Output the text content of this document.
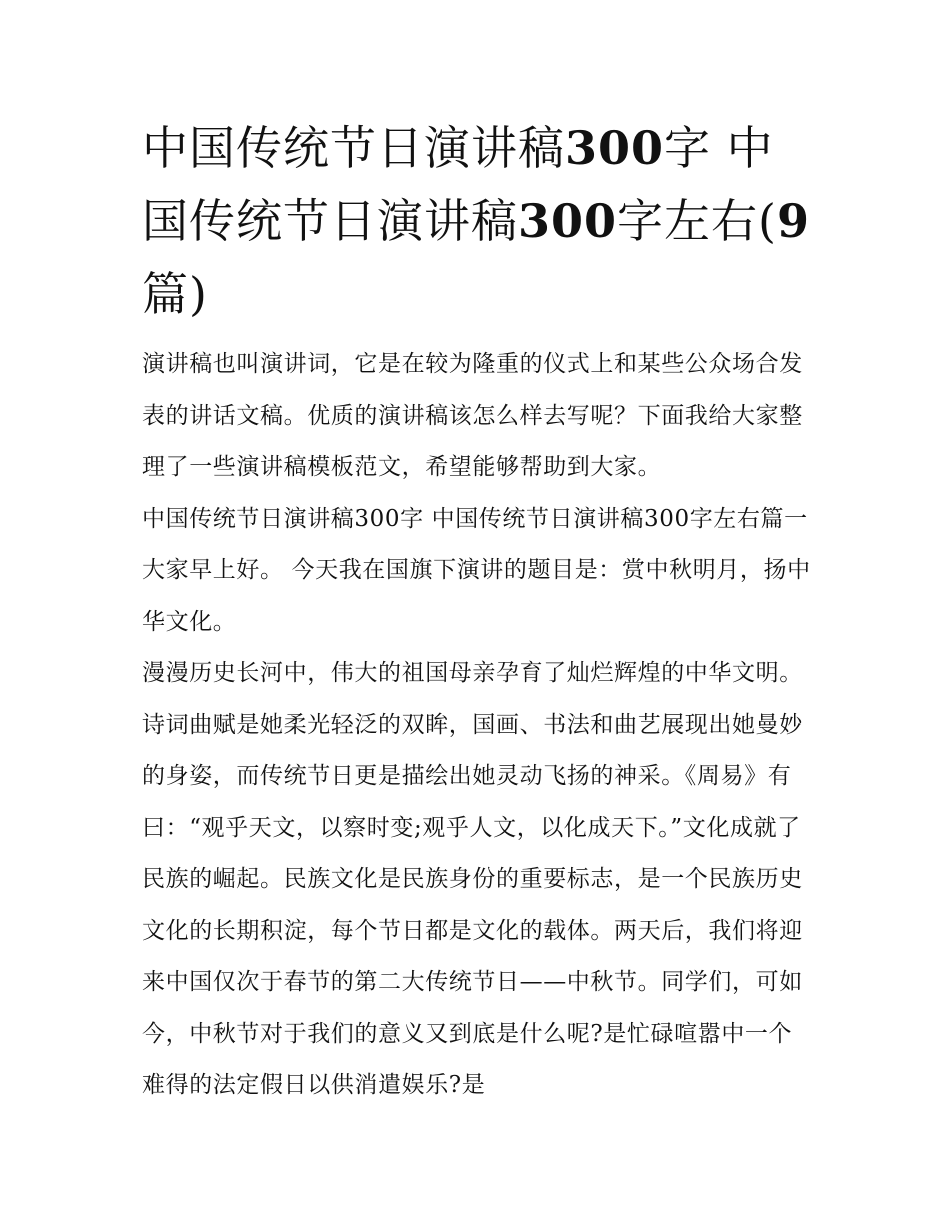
中国传统节日演讲稿300字 中国传统节日演讲稿300字左右(9篇)

演讲稿也叫演讲词，它是在较为隆重的仪式上和某些公众场合发表的讲话文稿。优质的演讲稿该怎么样去写呢？下面我给大家整理了一些演讲稿模板范文，希望能够帮助到大家。

中国传统节日演讲稿300字 中国传统节日演讲稿300字左右篇一 大家早上好。 今天我在国旗下演讲的题目是：赏中秋明月，扬中华文化。

漫漫历史长河中，伟大的祖国母亲孕育了灿烂辉煌的中华文明。诗词曲赋是她柔光轻泛的双眸，国画、书法和曲艺展现出她曼妙的身姿，而传统节日更是描绘出她灵动飞扬的神采。《周易》有曰：“观乎天文，以察时变;观乎人文，以化成天下。”文化成就了民族的崛起。民族文化是民族身份的重要标志，是一个民族历史文化的长期积淀，每个节日都是文化的载体。两天后，我们将迎来中国仅次于春节的第二大传统节日——中秋节。同学们，可如今，中秋节对于我们的意义又到底是什么呢?是忙碌喧嚣中一个难得的法定假日以供消遣娱乐?是
